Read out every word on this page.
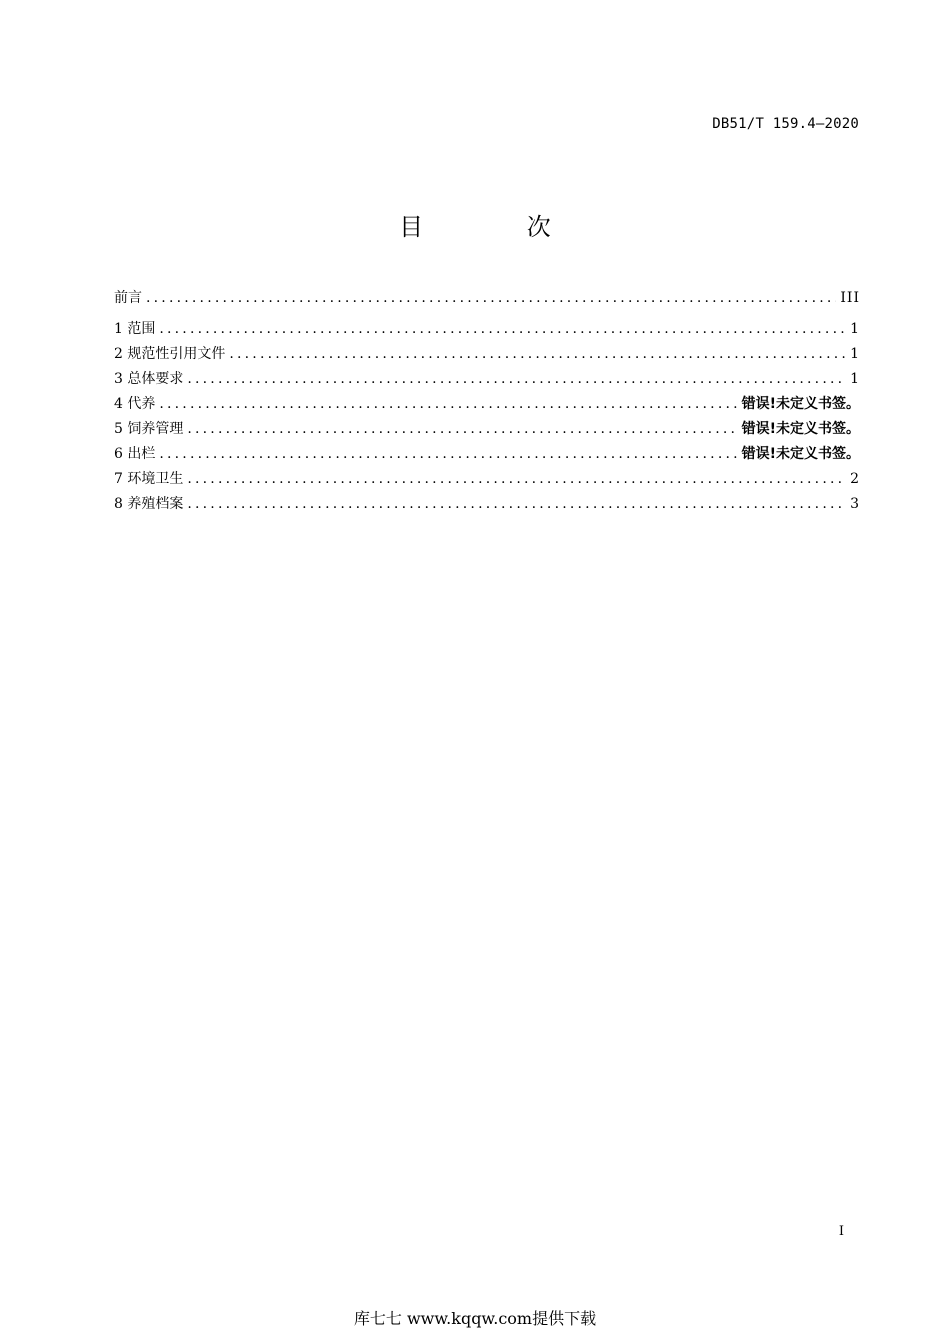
DB51/T 159.4—2020
目 次
前言 .....	III
1 范围 .....	1
2 规范性引用文件 .....	1
3 总体要求 .....	1
4 代养 .....	错误!未定义书签。
5 饲养管理 .....	错误!未定义书签。
6 出栏 .....	错误!未定义书签。
7 环境卫生 .....	2
8 养殖档案 .....	3
I
库七七 www.kqqw.com提供下载
